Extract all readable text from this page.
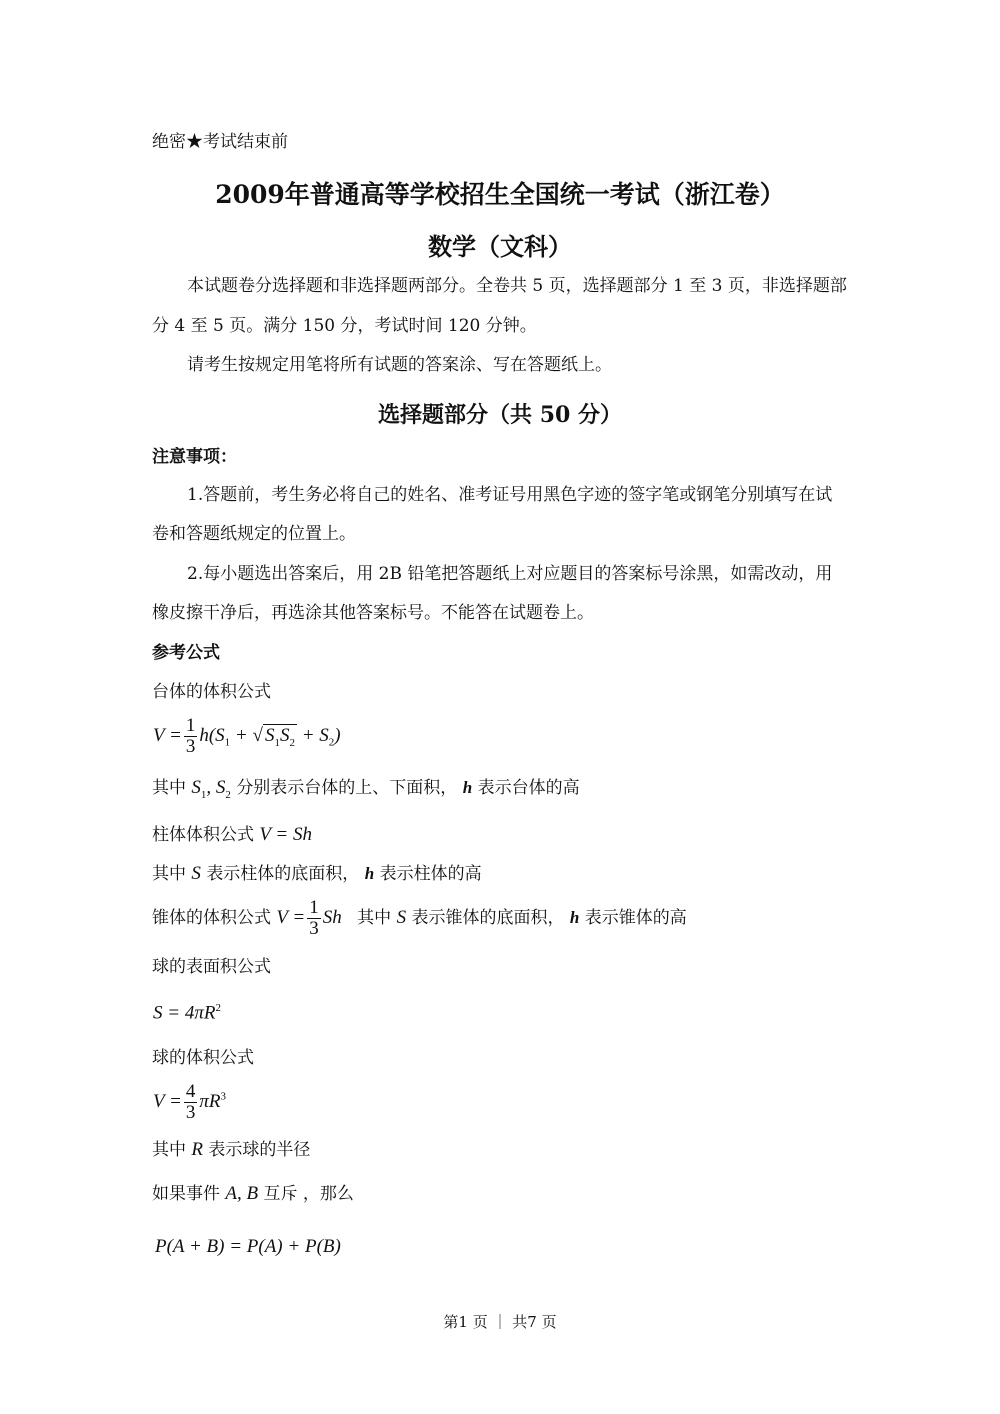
绝密★考试结束前
2009年普通高等学校招生全国统一考试（浙江卷）
数学（文科）
本试题卷分选择题和非选择题两部分。全卷共 5 页，选择题部分 1 至 3 页，非选择题部
分 4 至 5 页。满分 150 分，考试时间 120 分钟。
请考生按规定用笔将所有试题的答案涂、写在答题纸上。
选择题部分（共 50 分）
注意事项：
1.答题前，考生务必将自己的姓名、准考证号用黑色字迹的签字笔或钢笔分别填写在试
卷和答题纸规定的位置上。
2.每小题选出答案后，用 2B 铅笔把答题纸上对应题目的答案标号涂黑，如需改动，用
橡皮擦干净后，再选涂其他答案标号。不能答在试题卷上。
参考公式
台体的体积公式
$V = \frac{1}{3} h(S_1$ + √ $S_1S_2 + S_2$)
其中 $S_1$, $S_2$ 分别表示台体的上、下面积， h 表示台体的高
柱体体积公式 V = Sh
其中 S 表示柱体的底面积， h 表示柱体的高
锥体的体积公式 $V = \frac{1}{3}$ Sh 其中 S 表示锥体的底面积， h 表示锥体的高
球的表面积公式
$S = 4\pi R^2$
球的体积公式
$V = \frac{4}{3} \pi R^3$
其中 R 表示球的半径
如果事件 A, B 互斥 ，那么
P(A + B) = P(A) + P(B)
第1 页 ｜ 共7 页
